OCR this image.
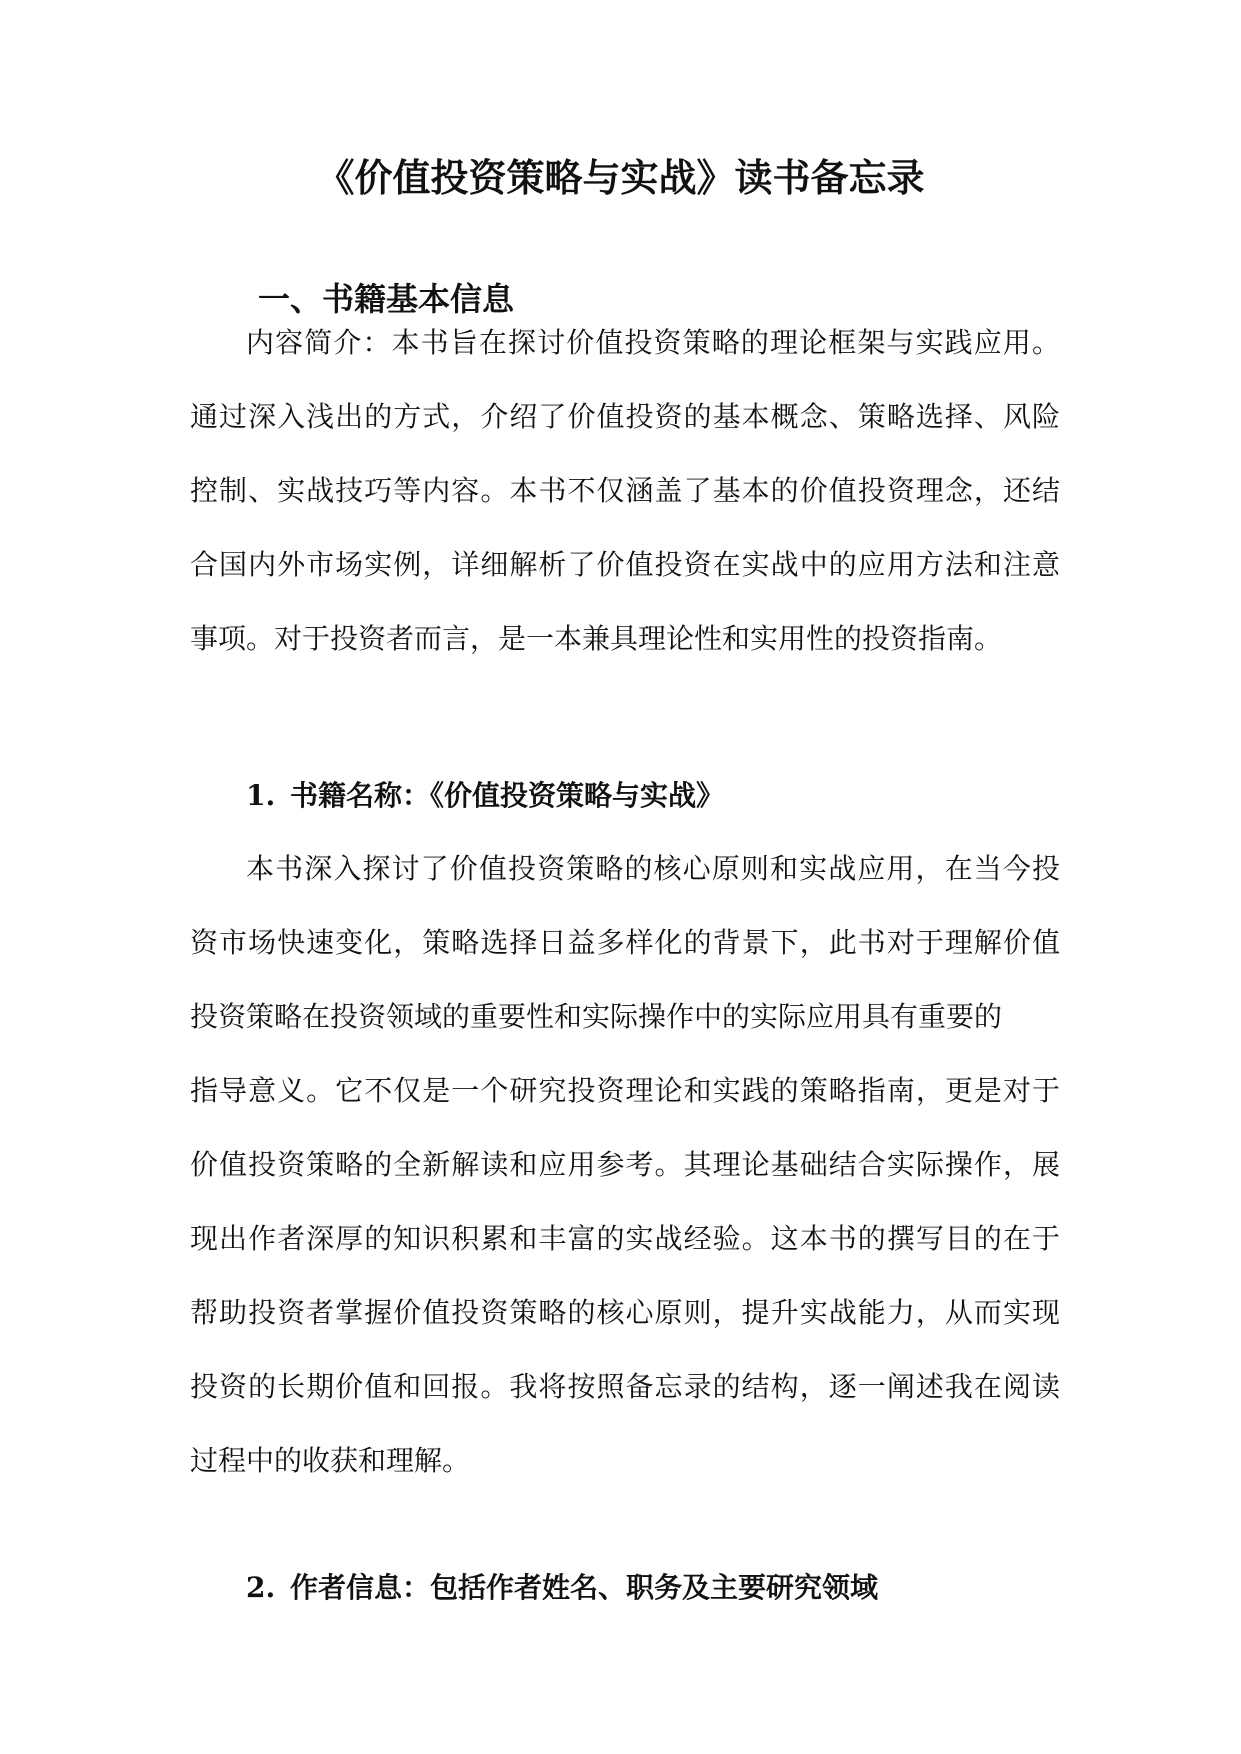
《价值投资策略与实战》读书备忘录
一、书籍基本信息
内容简介：本书旨在探讨价值投资策略的理论框架与实践应用。
通过深入浅出的方式，介绍了价值投资的基本概念、策略选择、风险
控制、实战技巧等内容。本书不仅涵盖了基本的价值投资理念，还结
合国内外市场实例，详细解析了价值投资在实战中的应用方法和注意
事项。对于投资者而言，是一本兼具理论性和实用性的投资指南。
1. 书籍名称：《价值投资策略与实战》
本书深入探讨了价值投资策略的核心原则和实战应用，在当今投
资市场快速变化，策略选择日益多样化的背景下，此书对于理解价值
投资策略在投资领域的重要性和实际操作中的实际应用具有重要的
指导意义。它不仅是一个研究投资理论和实践的策略指南，更是对于
价值投资策略的全新解读和应用参考。其理论基础结合实际操作，展
现出作者深厚的知识积累和丰富的实战经验。这本书的撰写目的在于
帮助投资者掌握价值投资策略的核心原则，提升实战能力，从而实现
投资的长期价值和回报。我将按照备忘录的结构，逐一阐述我在阅读
过程中的收获和理解。
2. 作者信息：包括作者姓名、职务及主要研究领域
